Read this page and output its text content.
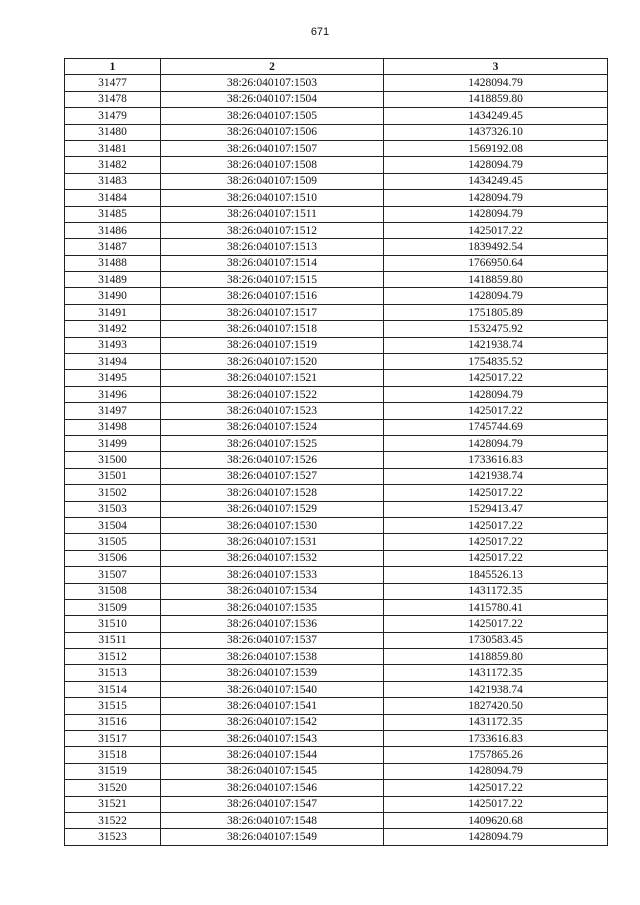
671
1	2	3
31477	38:26:040107:1503	1428094.79
31478	38:26:040107:1504	1418859.80
31479	38:26:040107:1505	1434249.45
31480	38:26:040107:1506	1437326.10
31481	38:26:040107:1507	1569192.08
31482	38:26:040107:1508	1428094.79
31483	38:26:040107:1509	1434249.45
31484	38:26:040107:1510	1428094.79
31485	38:26:040107:1511	1428094.79
31486	38:26:040107:1512	1425017.22
31487	38:26:040107:1513	1839492.54
31488	38:26:040107:1514	1766950.64
31489	38:26:040107:1515	1418859.80
31490	38:26:040107:1516	1428094.79
31491	38:26:040107:1517	1751805.89
31492	38:26:040107:1518	1532475.92
31493	38:26:040107:1519	1421938.74
31494	38:26:040107:1520	1754835.52
31495	38:26:040107:1521	1425017.22
31496	38:26:040107:1522	1428094.79
31497	38:26:040107:1523	1425017.22
31498	38:26:040107:1524	1745744.69
31499	38:26:040107:1525	1428094.79
31500	38:26:040107:1526	1733616.83
31501	38:26:040107:1527	1421938.74
31502	38:26:040107:1528	1425017.22
31503	38:26:040107:1529	1529413.47
31504	38:26:040107:1530	1425017.22
31505	38:26:040107:1531	1425017.22
31506	38:26:040107:1532	1425017.22
31507	38:26:040107:1533	1845526.13
31508	38:26:040107:1534	1431172.35
31509	38:26:040107:1535	1415780.41
31510	38:26:040107:1536	1425017.22
31511	38:26:040107:1537	1730583.45
31512	38:26:040107:1538	1418859.80
31513	38:26:040107:1539	1431172.35
31514	38:26:040107:1540	1421938.74
31515	38:26:040107:1541	1827420.50
31516	38:26:040107:1542	1431172.35
31517	38:26:040107:1543	1733616.83
31518	38:26:040107:1544	1757865.26
31519	38:26:040107:1545	1428094.79
31520	38:26:040107:1546	1425017.22
31521	38:26:040107:1547	1425017.22
31522	38:26:040107:1548	1409620.68
31523	38:26:040107:1549	1428094.79
